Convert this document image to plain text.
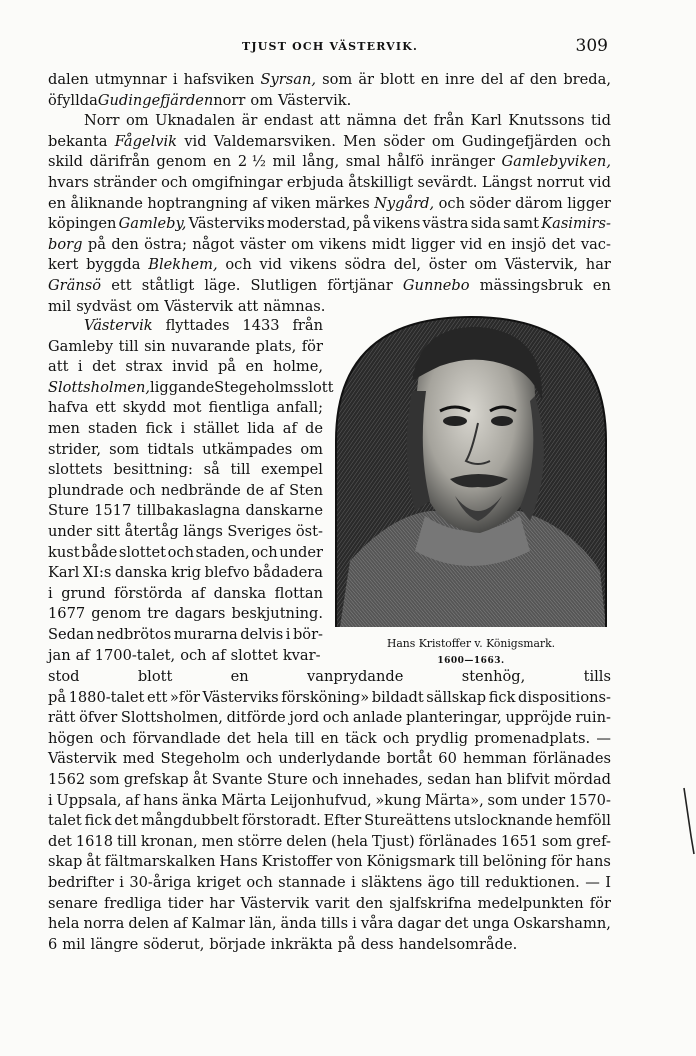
TJUST OCH VÄSTERVIK.	309
dalen utmynnar i hafsviken Syrsan, som är blott en inre del af den breda,
öfyllda Gudingefjärden norr om Västervik.
Norr om Uknadalen är endast att nämna det från Karl Knutssons tid
bekanta Fågelvik vid Valdemarsviken. Men söder om Gudingefjärden och
skild därifrån genom en 2 ½ mil lång, smal hålfö inränger Gamlebyviken,
hvars stränder och omgifningar erbjuda åtskilligt sevärdt. Längst norrut vid
en åliknande hoptrangning af viken märkes Nygård, och söder därom ligger
köpingen Gamleby, Västerviks moderstad, på vikens västra sida samt Kasimirs-
borg på den östra; något väster om vikens midt ligger vid en insjö det vac-
kert byggda Blekhem, och vid vikens södra del, öster om Västervik, har
Gränsö ett ståtligt läge. Slutligen förtjänar Gunnebo mässingsbruk en
mil sydväst om Västervik att nämnas.
Västervik flyttades 1433 från
Gamleby till sin nuvarande plats, för
att i det strax invid på en holme,
Slottsholmen, liggande Stegeholms slott
hafva ett skydd mot fientliga anfall;
men staden fick i stället lida af de
strider, som tidtals utkämpades om
slottets besittning: så till exempel
plundrade och nedbrände de af Sten
Sture 1517 tillbakaslagna danskarne
under sitt återtåg längs Sveriges öst-
kust både slottet och staden, och under
Karl XI:s danska krig blefvo bådadera
i grund förstörda af danska flottan
1677 genom tre dagars beskjutning.
Sedan nedbrötos murarna delvis i bör-
jan af 1700-talet, och af slottet kvar-
Hans Kristoffer v. Königsmark.
1600—1663.
stod	blott	en	vanprydande	stenhög,	tills
på 1880-talet ett »för Västerviks försköning» bildadt sällskap fick dispositions-
rätt öfver Slottsholmen, ditförde jord och anlade planteringar, uppröjde ruin-
högen och förvandlade det hela till en täck och prydlig promenadplats. —
Västervik med Stegeholm och underlydande bortåt 60 hemman förlänades
1562 som grefskap åt Svante Sture och innehades, sedan han blifvit mördad
i Uppsala, af hans änka Märta Leijonhufvud, »kung Märta», som under 1570-
talet fick det mångdubbelt förstoradt. Efter Stureättens utslocknande hemföll
det 1618 till kronan, men större delen (hela Tjust) förlänades 1651 som gref-
skap åt fältmarskalken Hans Kristoffer von Königsmark till belöning för hans
bedrifter i 30-åriga kriget och stannade i släktens ägo till reduktionen. — I
senare fredliga tider har Västervik varit den sjalfskrifna medelpunkten för
hela norra delen af Kalmar län, ända tills i våra dagar det unga Oskarshamn,
6 mil längre söderut, började inkräkta på dess handelsområde.
